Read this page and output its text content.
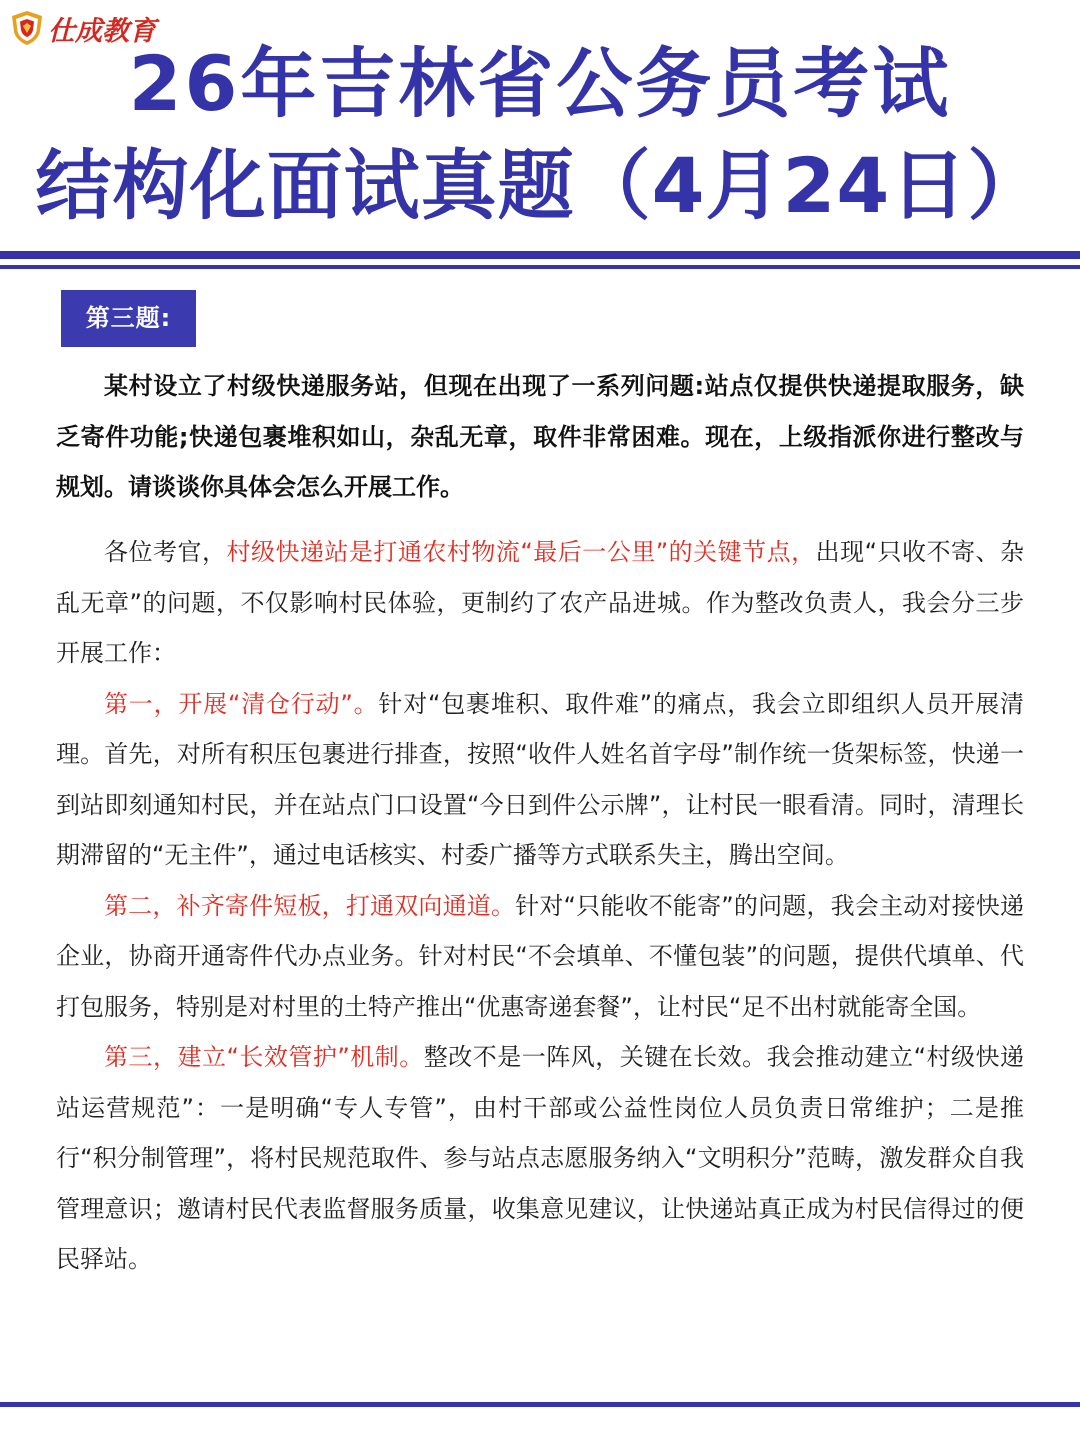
仕成教育
26年吉林省公务员考试
结构化面试真题（4月24日）
第三题:

某村设立了村级快递服务站，但现在出现了一系列问题:站点仅提供快递提取服务，缺乏寄件功能;快递包裹堆积如山，杂乱无章，取件非常困难。现在，上级指派你进行整改与规划。请谈谈你具体会怎么开展工作。

各位考官，村级快递站是打通农村物流“最后一公里”的关键节点，出现“只收不寄、杂乱无章”的问题，不仅影响村民体验，更制约了农产品进城。作为整改负责人，我会分三步开展工作：

第一，开展“清仓行动”。针对“包裹堆积、取件难”的痛点，我会立即组织人员开展清理。首先，对所有积压包裹进行排查，按照“收件人姓名首字母”制作统一货架标签，快递一到站即刻通知村民，并在站点门口设置“今日到件公示牌”，让村民一眼看清。同时，清理长期滞留的“无主件”，通过电话核实、村委广播等方式联系失主，腾出空间。

第二，补齐寄件短板，打通双向通道。针对“只能收不能寄”的问题，我会主动对接快递企业，协商开通寄件代办点业务。针对村民“不会填单、不懂包装”的问题，提供代填单、代打包服务，特别是对村里的土特产推出“优惠寄递套餐”，让村民“足不出村就能寄全国。

第三，建立“长效管护”机制。整改不是一阵风，关键在长效。我会推动建立“村级快递站运营规范”：一是明确“专人专管”，由村干部或公益性岗位人员负责日常维护；二是推行“积分制管理”，将村民规范取件、参与站点志愿服务纳入“文明积分”范畴，激发群众自我管理意识；邀请村民代表监督服务质量，收集意见建议，让快递站真正成为村民信得过的便民驿站。
